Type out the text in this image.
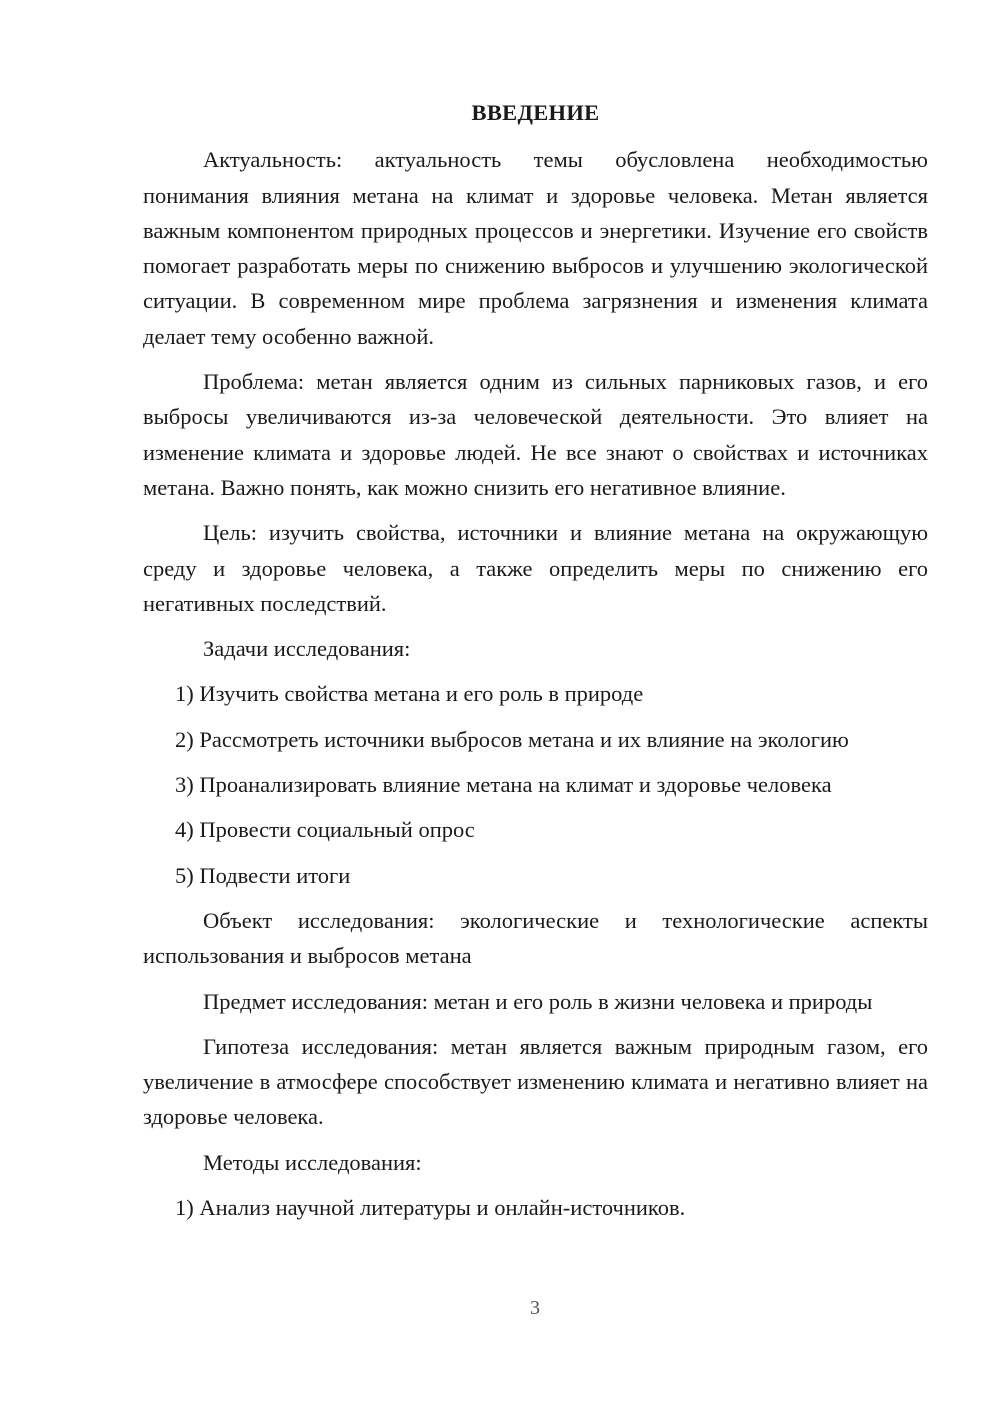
ВВЕДЕНИЕ

Актуальность: актуальность темы обусловлена необходимостью понимания влияния метана на климат и здоровье человека. Метан является важным компонентом природных процессов и энергетики. Изучение его свойств помогает разработать меры по снижению выбросов и улучшению экологической ситуации. В современном мире проблема загрязнения и изменения климата делает тему особенно важной.

Проблема: метан является одним из сильных парниковых газов, и его выбросы увеличиваются из-за человеческой деятельности. Это влияет на изменение климата и здоровье людей. Не все знают о свойствах и источниках метана. Важно понять, как можно снизить его негативное влияние.

Цель: изучить свойства, источники и влияние метана на окружающую среду и здоровье человека, а также определить меры по снижению его негативных последствий.

Задачи исследования:
1) Изучить свойства метана и его роль в природе
2) Рассмотреть источники выбросов метана и их влияние на экологию
3) Проанализировать влияние метана на климат и здоровье человека
4) Провести социальный опрос
5) Подвести итоги

Объект исследования: экологические и технологические аспекты использования и выбросов метана

Предмет исследования: метан и его роль в жизни человека и природы

Гипотеза исследования: метан является важным природным газом, его увеличение в атмосфере способствует изменению климата и негативно влияет на здоровье человека.

Методы исследования:
1) Анализ научной литературы и онлайн-источников.
3
